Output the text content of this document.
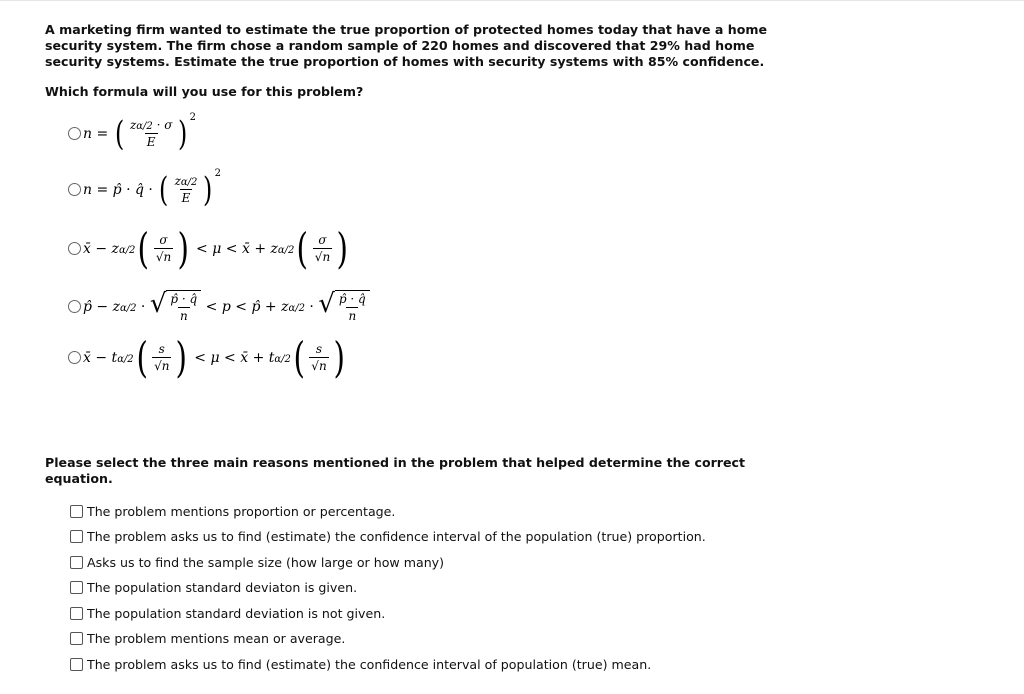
A marketing firm wanted to estimate the true proportion of protected homes today that have a home
security system. The firm chose a random sample of 220 homes and discovered that 29% had home
security systems. Estimate the true proportion of homes with security systems with 85% confidence.
Which formula will you use for this problem?
n = ( $\frac{z\alpha/2 \cdot \sigma}{E}$ ) 2
n = p̂ · q̂ · ( $\frac{z\alpha/2}{E}$ ) 2
x̄ − zα/2 ( $\frac{\sigma}{√n}$ ) < μ < x̄ + zα/2 ( $\frac{\sigma}{√n}$ )
p̂ − zα/2 · √ $\frac{p̂ \cdot q̂}{n} < p$ < p̂ + zα/2 · √ $\frac{p̂ \cdot q̂}{n}$
x̄ − tα/2 ( $\frac{s}{√n}$ ) < μ < x̄ + tα/2 ( $\frac{s}{√n}$ )
Please select the three main reasons mentioned in the problem that helped determine the correct
equation.
The problem mentions proportion or percentage.
The problem asks us to find (estimate) the confidence interval of the population (true) proportion.
Asks us to find the sample size (how large or how many)
The population standard deviaton is given.
The population standard deviation is not given.
The problem mentions mean or average.
The problem asks us to find (estimate) the confidence interval of population (true) mean.
